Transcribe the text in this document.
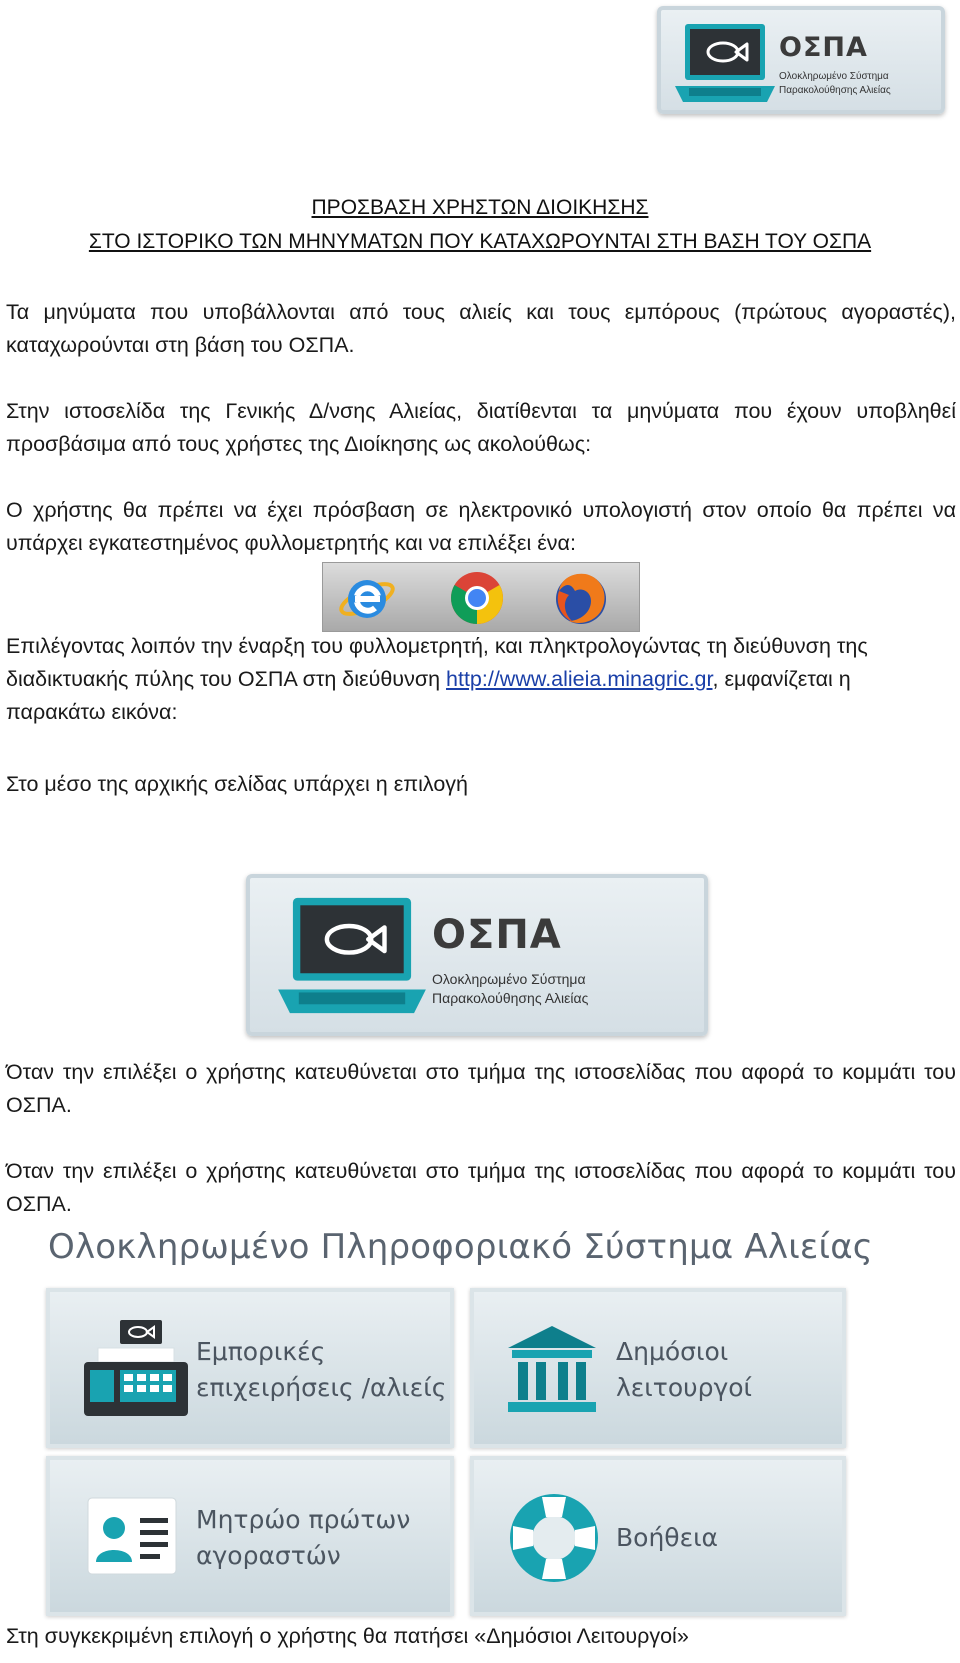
ΟΣΠΑ
Ολοκληρωμένο Σύστημα
Παρακολούθησης Αλιείας
ΠΡΟΣΒΑΣΗ ΧΡΗΣΤΩΝ ΔΙΟΙΚΗΣΗΣ
ΣΤΟ ΙΣΤΟΡΙΚΟ ΤΩΝ ΜΗΝΥΜΑΤΩΝ ΠΟΥ ΚΑΤΑΧΩΡΟΥΝΤΑΙ ΣΤΗ ΒΑΣΗ ΤΟΥ ΟΣΠΑ

Τα μηνύματα που υποβάλλονται από τους αλιείς και τους εμπόρους (πρώτους αγοραστές), καταχωρούνται στη βάση του ΟΣΠΑ.

Στην ιστοσελίδα της Γενικής Δ/νσης Αλιείας, διατίθενται τα μηνύματα που έχουν υποβληθεί προσβάσιμα από τους χρήστες της Διοίκησης ως ακολούθως:

Ο χρήστης θα πρέπει να έχει πρόσβαση σε ηλεκτρονικό υπολογιστή στον οποίο θα πρέπει να υπάρχει εγκατεστημένος φυλλομετρητής και να επιλέξει ένα:

Επιλέγοντας λοιπόν την έναρξη του φυλλομετρητή, και πληκτρολογώντας τη διεύθυνση της διαδικτυακής πύλης του ΟΣΠΑ στη διεύθυνση http://www.alieia.minagric.gr, εμφανίζεται η παρακάτω εικόνα:

Στο μέσο της αρχικής σελίδας υπάρχει η επιλογή

ΟΣΠΑ
Ολοκληρωμένο Σύστημα
Παρακολούθησης Αλιείας

Όταν την επιλέξει ο χρήστης κατευθύνεται στο τμήμα της ιστοσελίδας που αφορά το κομμάτι του ΟΣΠΑ.

Όταν την επιλέξει ο χρήστης κατευθύνεται στο τμήμα της ιστοσελίδας που αφορά το κομμάτι του ΟΣΠΑ.

Ολοκληρωμένο Πληροφοριακό Σύστημα Αλιείας
Εμπορικές
επιχειρήσεις /αλιείς
Δημόσιοι
λειτουργοί
Μητρώο πρώτων
αγοραστών
Βοήθεια

Στη συγκεκριμένη επιλογή ο χρήστης θα πατήσει «Δημόσιοι Λειτουργοί»
